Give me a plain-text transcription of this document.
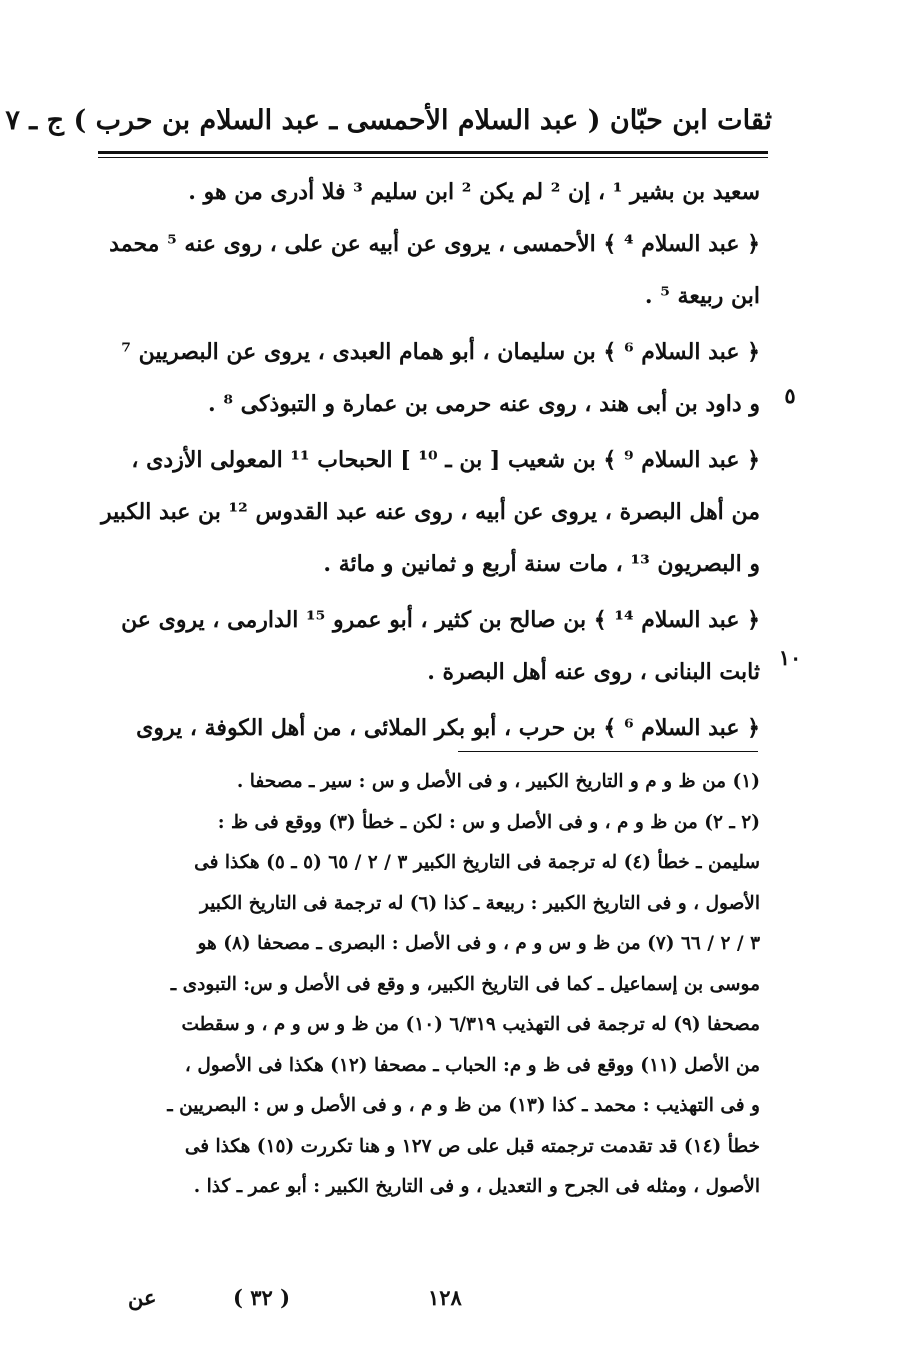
ثقات ابن حبّان ( عبد السلام الأحمسى ـ عبد السلام بن حرب ) ج ـ ٧
سعيد بن بشير ¹ ، إن ² لم يكن ² ابن سليم ³ فلا أدرى من هو .
﴿ عبد السلام ⁴ ﴾ الأحمسى ، يروى عن أبيه عن على ، روى عنه ⁵ محمد
ابن ربيعة ⁵ .
﴿ عبد السلام ⁶ ﴾ بن سليمان ، أبو همام العبدى ، يروى عن البصريين ⁷
و داود بن أبى هند ، روى عنه حرمى بن عمارة و التبوذكى ⁸ .
﴿ عبد السلام ⁹ ﴾ بن شعيب [ بن ـ ¹⁰ ] الحبحاب ¹¹ المعولى الأزدى ،
من أهل البصرة ، يروى عن أبيه ، روى عنه عبد القدوس ¹² بن عبد الكبير
و البصريون ¹³ ، مات سنة أربع و ثمانين و مائة .
﴿ عبد السلام ¹⁴ ﴾ بن صالح بن كثير ، أبو عمرو ¹⁵ الدارمى ، يروى عن
ثابت البنانى ، روى عنه أهل البصرة .
﴿ عبد السلام ⁶ ﴾ بن حرب ، أبو بكر الملائى ، من أهل الكوفة ، يروى
٥
١٠
(١) من ظ و م و التاريخ الكبير ، و فى الأصل و س : سير ـ مصحفا .
(٢ ـ ٢) من ظ و م ، و فى الأصل و س : لكن ـ خطأ (٣) ووقع فى ظ :
سليمن ـ خطأ (٤) له ترجمة فى التاريخ الكبير ٣ / ٢ / ٦٥ (٥ ـ ٥) هكذا فى
الأصول ، و فى التاريخ الكبير : ربيعة ـ كذا (٦) له ترجمة فى التاريخ الكبير
٣ / ٢ / ٦٦ (٧) من ظ و س و م ، و فى الأصل : البصرى ـ مصحفا (٨) هو
موسى بن إسماعيل ـ كما فى التاريخ الكبير، و وقع فى الأصل و س: التبودى ـ
مصحفا (٩) له ترجمة فى التهذيب ٦/٣١٩ (١٠) من ظ و س و م ، و سقطت
من الأصل (١١) ووقع فى ظ و م: الحباب ـ مصحفا (١٢) هكذا فى الأصول ،
و فى التهذيب : محمد ـ كذا (١٣) من ظ و م ، و فى الأصل و س : البصريين ـ
خطأ (١٤) قد تقدمت ترجمته قبل على ص ١٢٧ و هنا تكررت (١٥) هكذا فى
الأصول ، ومثله فى الجرح و التعديل ، و فى التاريخ الكبير : أبو عمر ـ كذا .
عن	( ٣٢ )	١٢٨
